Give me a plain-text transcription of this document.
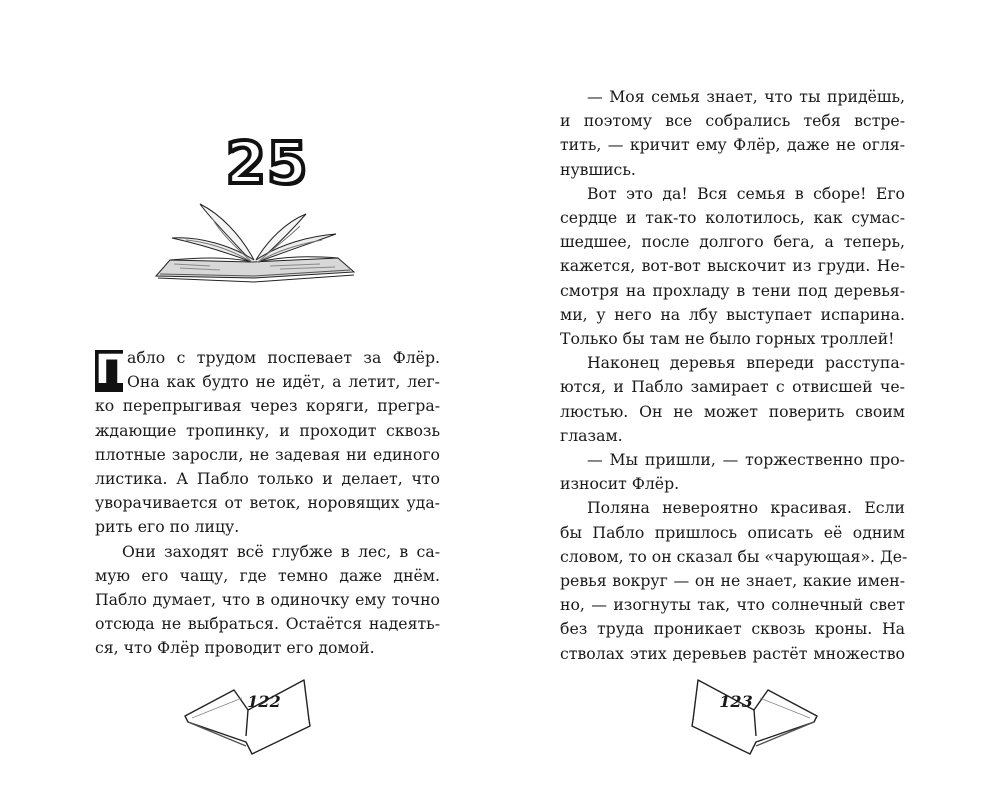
25

П
абло с трудом поспевает за Флёр.
Она как будто не идёт, а летит, лег-
ко перепрыгивая через коряги, прегра-
ждающие тропинку, и проходит сквозь
плотные заросли, не задевая ни единого
листика. А Пабло только и делает, что
уворачивается от веток, норовящих уда-
рить его по лицу.

Они заходят всё глубже в лес, в са-
мую его чащу, где темно даже днём.
Пабло думает, что в одиночку ему точно
отсюда не выбраться. Остаётся надеять-
ся, что Флёр проводит его домой.

122

— Моя семья знает, что ты придёшь,
и поэтому все собрались тебя встре-
тить, — кричит ему Флёр, даже не огля-
нувшись.

Вот это да! Вся семья в сборе! Его
сердце и так-то колотилось, как сумас-
шедшее, после долгого бега, а теперь,
кажется, вот-вот выскочит из груди. Не-
смотря на прохладу в тени под деревья-
ми, у него на лбу выступает испарина.
Только бы там не было горных троллей!

Наконец деревья впереди расступа-
ются, и Пабло замирает с отвисшей че-
люстью. Он не может поверить своим
глазам.

— Мы пришли, — торжественно про-
износит Флёр.

Поляна невероятно красивая. Если
бы Пабло пришлось описать её одним
словом, то он сказал бы «чарующая». Де-
ревья вокруг — он не знает, какие имен-
но, — изогнуты так, что солнечный свет
без труда проникает сквозь кроны. На
стволах этих деревьев растёт множество

123
